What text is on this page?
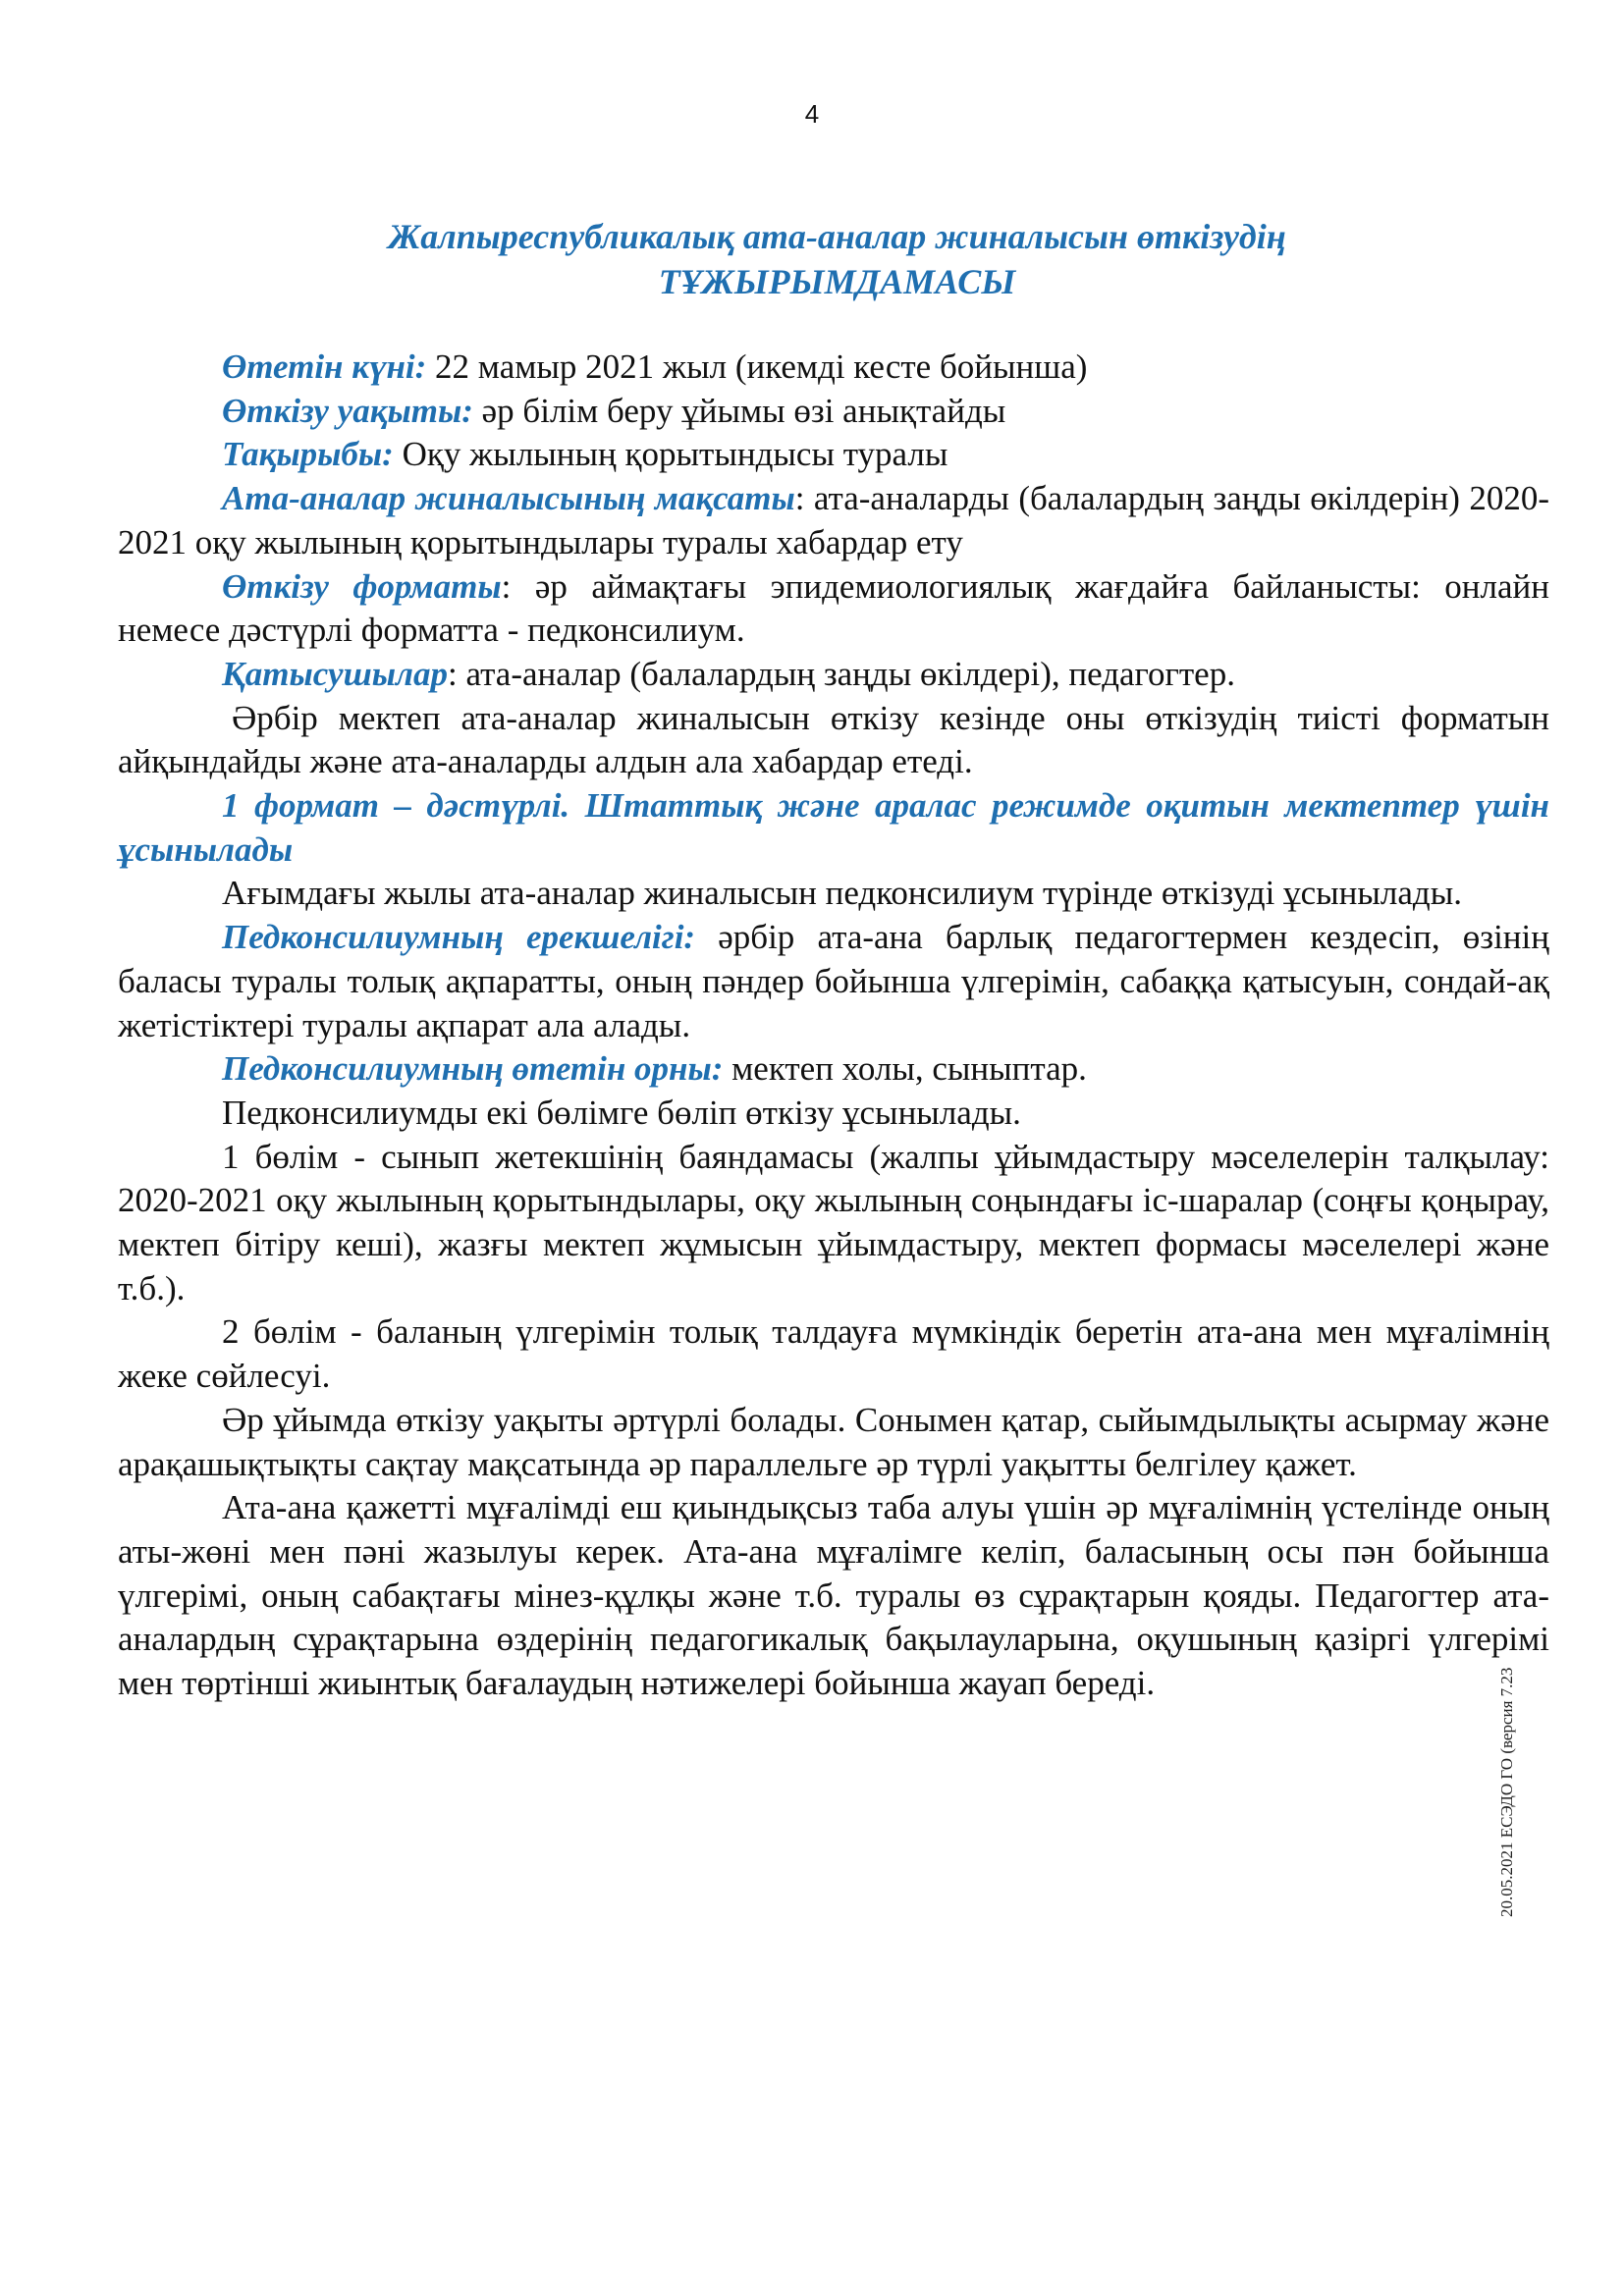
4
Жалпыреспубликалық ата-аналар жиналысын өткізудің
ТҰЖЫРЫМДАМАСЫ

Өтетін күні: 22 мамыр 2021 жыл (икемді кесте бойынша)

Өткізу уақыты: әр білім беру ұйымы өзі анықтайды

Тақырыбы: Оқу жылының қорытындысы туралы

Ата-аналар жиналысының мақсаты: ата-аналарды (балалардың заңды өкілдерін) 2020-2021 оқу жылының қорытындылары туралы хабардар ету

Өткізу форматы: әр аймақтағы эпидемиологиялық жағдайға байланысты: онлайн немесе дәстүрлі форматта - педконсилиум.

Қатысушылар: ата-аналар (балалардың заңды өкілдері), педагогтер.

Әрбір мектеп ата-аналар жиналысын өткізу кезінде оны өткізудің тиісті форматын айқындайды және ата-аналарды алдын ала хабардар етеді.

1 формат – дәстүрлі. Штаттық және аралас режимде оқитын мектептер үшін ұсынылады

Ағымдағы жылы ата-аналар жиналысын педконсилиум түрінде өткізуді ұсынылады.

Педконсилиумның ерекшелігі: әрбір ата-ана барлық педагогтермен кездесіп, өзінің баласы туралы толық ақпаратты, оның пәндер бойынша үлгерімін, сабаққа қатысуын, сондай-ақ жетістіктері туралы ақпарат ала алады.

Педконсилиумның өтетін орны: мектеп холы, сыныптар.

Педконсилиумды екі бөлімге бөліп өткізу ұсынылады.

1 бөлім - сынып жетекшінің баяндамасы (жалпы ұйымдастыру мәселелерін талқылау: 2020-2021 оқу жылының қорытындылары, оқу жылының соңындағы іс-шаралар (соңғы қоңырау, мектеп бітіру кеші), жазғы мектеп жұмысын ұйымдастыру, мектеп формасы мәселелері және т.б.).

2 бөлім - баланың үлгерімін толық талдауға мүмкіндік беретін ата-ана мен мұғалімнің жеке сөйлесуі.

Әр ұйымда өткізу уақыты әртүрлі болады. Сонымен қатар, сыйымдылықты асырмау және арақашықтықты сақтау мақсатында әр параллельге әр түрлі уақытты белгілеу қажет.

Ата-ана қажетті мұғалімді еш қиындықсыз таба алуы үшін әр мұғалімнің үстелінде оның аты-жөні мен пәні жазылуы керек. Ата-ана мұғалімге келіп, баласының осы пән бойынша үлгерімі, оның сабақтағы мінез-құлқы және т.б. туралы өз сұрақтарын қояды. Педагогтер ата-аналардың сұрақтарына өздерінің педагогикалық бақылауларына, оқушының қазіргі үлгерімі мен төртінші жиынтық бағалаудың нәтижелері бойынша жауап береді.	20.05.2021 ЕСЭДО ГО (версия 7.23
